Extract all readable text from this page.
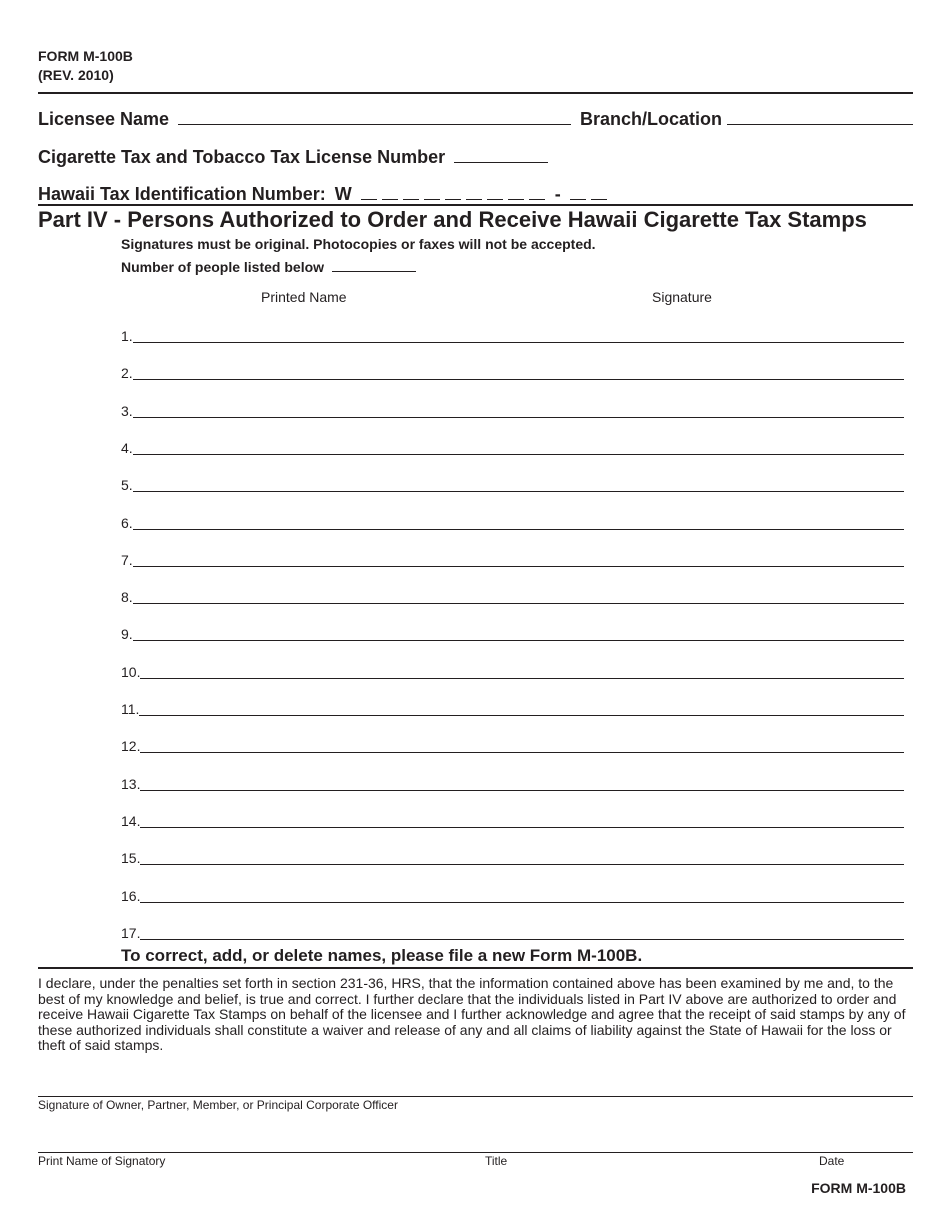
FORM M-100B
(REV. 2010)
Licensee Name	Branch/Location
Cigarette Tax and Tobacco Tax License Number
Hawaii Tax Identification Number: W	-
Part IV - Persons Authorized to Order and Receive Hawaii Cigarette Tax Stamps
Signatures must be original. Photocopies or faxes will not be accepted.
Number of people listed below
Printed Name	Signature
1.
2.
3.
4.
5.
6.
7.
8.
9.
10.
11.
12.
13.
14.
15.
16.
17.
To correct, add, or delete names, please file a new Form M-100B.
I declare, under the penalties set forth in section 231-36, HRS, that the information contained above has been examined by me and, to the best of my knowledge and belief, is true and correct. I further declare that the individuals listed in Part IV above are authorized to order and receive Hawaii Cigarette Tax Stamps on behalf of the licensee and I further acknowledge and agree that the receipt of said stamps by any of these authorized individuals shall constitute a waiver and release of any and all claims of liability against the State of Hawaii for the loss or theft of said stamps.
Signature of Owner, Partner, Member, or Principal Corporate Officer
Print Name of Signatory	Title	Date
FORM M-100B
